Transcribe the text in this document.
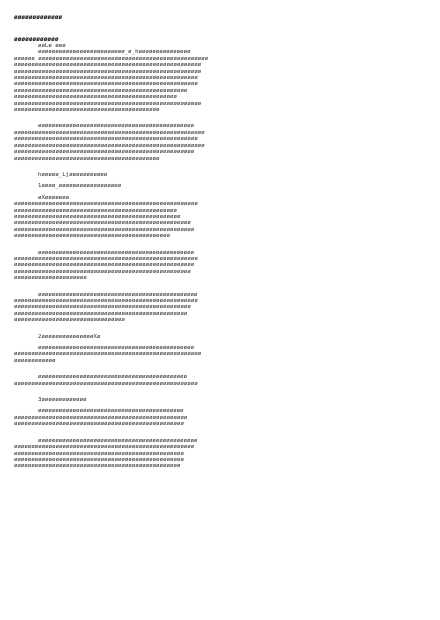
øøøøøøøøøøøøø
øøøøøøøøøøøø
øøLø øøø
øøøøøøøøøøøøøøøøøøøøøøøøø_ø_høøøøøøøøøøøøøøø
øøøøøø øøøøøøøøøøøøøøøøøøøøøøøøøøøøøøøøøøøøøøøøøøøøøøøøø
øøøøøøøøøøøøøøøøøøøøøøøøøøøøøøøøøøøøøøøøøøøøøøøøøøøøøø
øøøøøøøøøøøøøøøøøøøøøøøøøøøøøøøøøøøøøøøøøøøøøøøøøøøøøø
øøøøøøøøøøøøøøøøøøøøøøøøøøøøøøøøøøøøøøøøøøøøøøøøøøøøø
øøøøøøøøøøøøøøøøøøøøøøøøøøøøøøøøøøøøøøøøøøøøøøøøøøøøø
øøøøøøøøøøøøøøøøøøøøøøøøøøøøøøøøøøøøøøøøøøøøøøøøøø
øøøøøøøøøøøøøøøøøøøøøøøøøøøøøøøøøøøøøøøøøøøøøøø
øøøøøøøøøøøøøøøøøøøøøøøøøøøøøøøøøøøøøøøøøøøøøøøøøøøøøø
øøøøøøøøøøøøøøøøøøøøøøøøøøøøøøøøøøøøøøøøøø
øøøøøøøøøøøøøøøøøøøøøøøøøøøøøøøøøøøøøøøøøøøøø
øøøøøøøøøøøøøøøøøøøøøøøøøøøøøøøøøøøøøøøøøøøøøøøøøøøøøøø
øøøøøøøøøøøøøøøøøøøøøøøøøøøøøøøøøøøøøøøøøøøøøøøøøøøøø
øøøøøøøøøøøøøøøøøøøøøøøøøøøøøøøøøøøøøøøøøøøøøøøøøøøøøøø
øøøøøøøøøøøøøøøøøøøøøøøøøøøøøøøøøøøøøøøøøøøøøøøøøøøø
øøøøøøøøøøøøøøøøøøøøøøøøøøøøøøøøøøøøøøøøøø
høøøøø_Ljøøøøøøøøøøø
1øøøø_øøøøøøøøøøøøøøøøøø
øXøøøøøøø
øøøøøøøøøøøøøøøøøøøøøøøøøøøøøøøøøøøøøøøøøøøøøøøøøøøøø
øøøøøøøøøøøøøøøøøøøøøøøøøøøøøøøøøøøøøøøøøøøøøøø
øøøøøøøøøøøøøøøøøøøøøøøøøøøøøøøøøøøøøøøøøøøøøøøø
øøøøøøøøøøøøøøøøøøøøøøøøøøøøøøøøøøøøøøøøøøøøøøøøøøø
øøøøøøøøøøøøøøøøøøøøøøøøøøøøøøøøøøøøøøøøøøøøøøøøøøøø
øøøøøøøøøøøøøøøøøøøøøøøøøøøøøøøøøøøøøøøøøøøøø
øøøøøøøøøøøøøøøøøøøøøøøøøøøøøøøøøøøøøøøøøøøøø
øøøøøøøøøøøøøøøøøøøøøøøøøøøøøøøøøøøøøøøøøøøøøøøøøøøøø
øøøøøøøøøøøøøøøøøøøøøøøøøøøøøøøøøøøøøøøøøøøøøøøøøøøø
øøøøøøøøøøøøøøøøøøøøøøøøøøøøøøøøøøøøøøøøøøøøøøøøøøø
øøøøøøøøøøøøøøøøøøøøø
øøøøøøøøøøøøøøøøøøøøøøøøøøøøøøøøøøøøøøøøøøøøøø
øøøøøøøøøøøøøøøøøøøøøøøøøøøøøøøøøøøøøøøøøøøøøøøøøøøøø
øøøøøøøøøøøøøøøøøøøøøøøøøøøøøøøøøøøøøøøøøøøøøøøøøøø
øøøøøøøøøøøøøøøøøøøøøøøøøøøøøøøøøøøøøøøøøøøøøøøøøø
øøøøøøøøøøøøøøøøøøøøøøøøøøøøøøøø
2øøøøøøøøøøøøøøøXø
øøøøøøøøøøøøøøøøøøøøøøøøøøøøøøøøøøøøøøøøøøøøø
øøøøøøøøøøøøøøøøøøøøøøøøøøøøøøøøøøøøøøøøøøøøøøøøøøøøøø
øøøøøøøøøøøø
øøøøøøøøøøøøøøøøøøøøøøøøøøøøøøøøøøøøøøøøøøø
øøøøøøøøøøøøøøøøøøøøøøøøøøøøøøøøøøøøøøøøøøøøøøøøøøøøø
3øøøøøøøøøøøøø
øøøøøøøøøøøøøøøøøøøøøøøøøøøøøøøøøøøøøøøøøø
øøøøøøøøøøøøøøøøøøøøøøøøøøøøøøøøøøøøøøøøøøøøøøøøøø
øøøøøøøøøøøøøøøøøøøøøøøøøøøøøøøøøøøøøøøøøøøøøøøøø
øøøøøøøøøøøøøøøøøøøøøøøøøøøøøøøøøøøøøøøøøøøøøø
øøøøøøøøøøøøøøøøøøøøøøøøøøøøøøøøøøøøøøøøøøøøøøøøøøøø
øøøøøøøøøøøøøøøøøøøøøøøøøøøøøøøøøøøøøøøøøøøøøøøøø
øøøøøøøøøøøøøøøøøøøøøøøøøøøøøøøøøøøøøøøøøøøøøøøøø
øøøøøøøøøøøøøøøøøøøøøøøøøøøøøøøøøøøøøøøøøøøøøøøø
